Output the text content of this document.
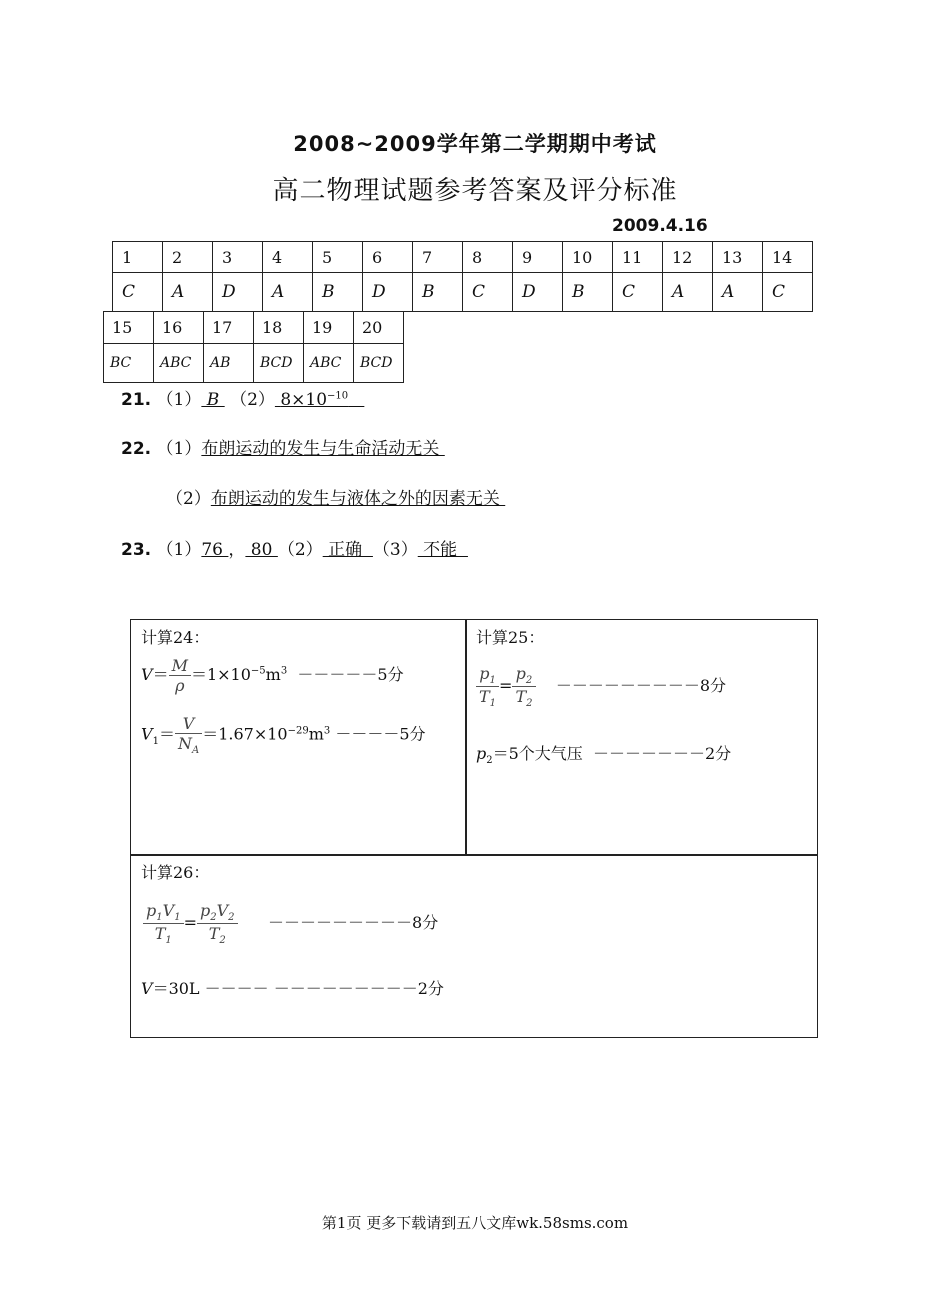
2008~2009学年第二学期期中考试
高二物理试题参考答案及评分标准
2009.4.16
1	2	3	4	5	6	7	8	9	10	11	12	13	14
C	A	D	A	B	D	B	C	D	B	C	A	A	C
15	16	17	18	19	20
BC	ABC	AB	BCD	ABC	BCD
21. （1） B  （2） $8\times 10^{-10}$
22. （1）布朗运动的发生与生命活动无关
（2）布朗运动的发生与液体之外的因素无关
23. （1）76 ， 80 （2） 正确  （3） 不能
计算24：
$V= \frac{M}{\rho} =1\times 10^{-5}m^3 -----5$分
$V_1= \frac{V}{N_A} =1.67\times 10^{-29}m^3 ----5$分
计算25：
$\frac{p_1}{T_1} = \frac{p_2}{T_2} ---------8$分
$p_2=5$个大气压 －－－－－－－2分
计算26：
$\frac{p_1V_1}{T_1} = \frac{p_2V_2}{T_2} ---------8$分
V＝30L －－－－ －－－－－－－－－2分
第1页 更多下载请到五八文库wk.58sms.com
